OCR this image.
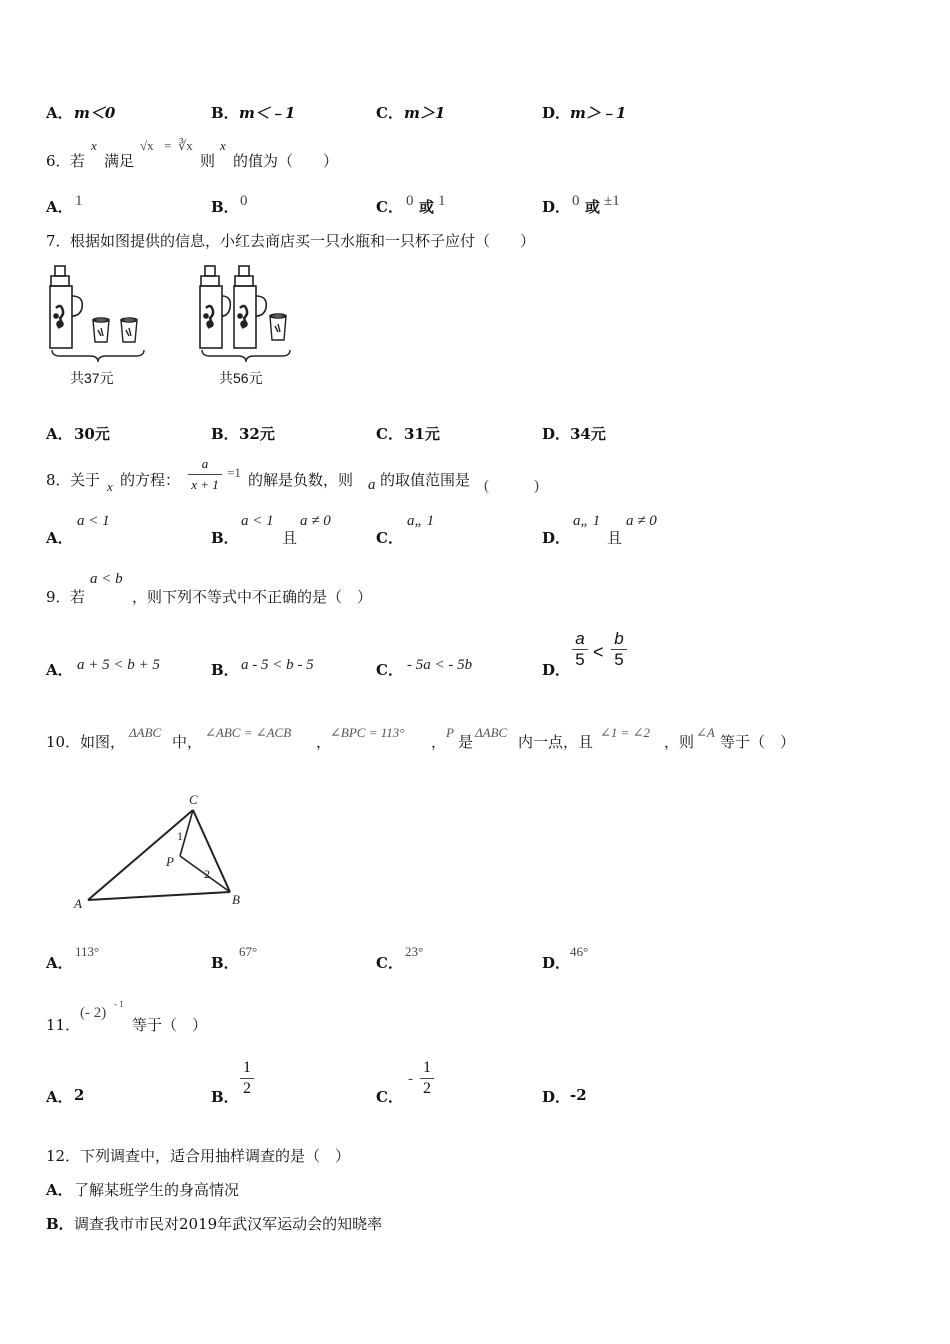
A． m＜0	B． m＜﹣1	C． m＞1	D． m＞﹣1
6． 若
x
满足
√x = ∛x
则
x
的值为（　　）
A． 1	B． 0	C． 0 或 1	D． 0 或 ±1
7． 根据如图提供的信息，小红去商店买一只水瓶和一只杯子应付（　　）
共37元	共56元
A． 30元	B． 32元	C． 31元	D． 34元
8． 关于 x 的方程：
a
x + 1
=1 的解是负数，则 a 的取值范围是 (　　　)
A．
a < 1
B．
a < 1
且
a ≠ 0
C．
a„ 1
D．
a„ 1
且
a ≠ 0
9． 若
a < b
，则下列不等式中不正确的是（　）
A． a + 5 < b + 5	B． a - 5 < b - 5	C． - 5a < - 5b	D．
a
5 <
b
5
10． 如图，
ΔABC
中，
∠ABC = ∠ACB
，
∠BPC = 113°
，
P
是
ΔABC
内一点，且
∠1 = ∠2
，则
∠A
等于（　）
A	B
C
P
1
2
A．
113°
B．
67°
C．
23°
D．
46°
11．
(- 2)
- 1
等于（　）
A． 2	B．
1
2	C．
-
1
2	D． -2
12． 下列调查中，适合用抽样调查的是（　）
A． 了解某班学生的身高情况
B． 调查我市市民对2019年武汉军运动会的知晓率
